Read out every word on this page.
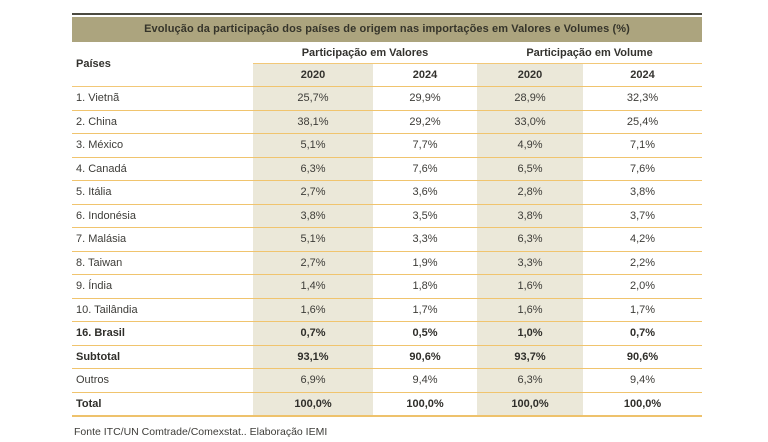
Evolução da participação dos países de origem nas importações em Valores e Volumes (%)
Países	Participação em Valores		Participação em Volume	
	2020	2024	2020	2024
1. Vietnã	25,7%	29,9%	28,9%	32,3%
2. China	38,1%	29,2%	33,0%	25,4%
3. México	5,1%	7,7%	4,9%	7,1%
4. Canadá	6,3%	7,6%	6,5%	7,6%
5. Itália	2,7%	3,6%	2,8%	3,8%
6. Indonésia	3,8%	3,5%	3,8%	3,7%
7. Malásia	5,1%	3,3%	6,3%	4,2%
8. Taiwan	2,7%	1,9%	3,3%	2,2%
9. Índia	1,4%	1,8%	1,6%	2,0%
10. Tailândia	1,6%	1,7%	1,6%	1,7%
16. Brasil	0,7%	0,5%	1,0%	0,7%
Subtotal	93,1%	90,6%	93,7%	90,6%
Outros	6,9%	9,4%	6,3%	9,4%
Total	100,0%	100,0%	100,0%	100,0%
Fonte ITC/UN Comtrade/Comexstat.. Elaboração IEMI
